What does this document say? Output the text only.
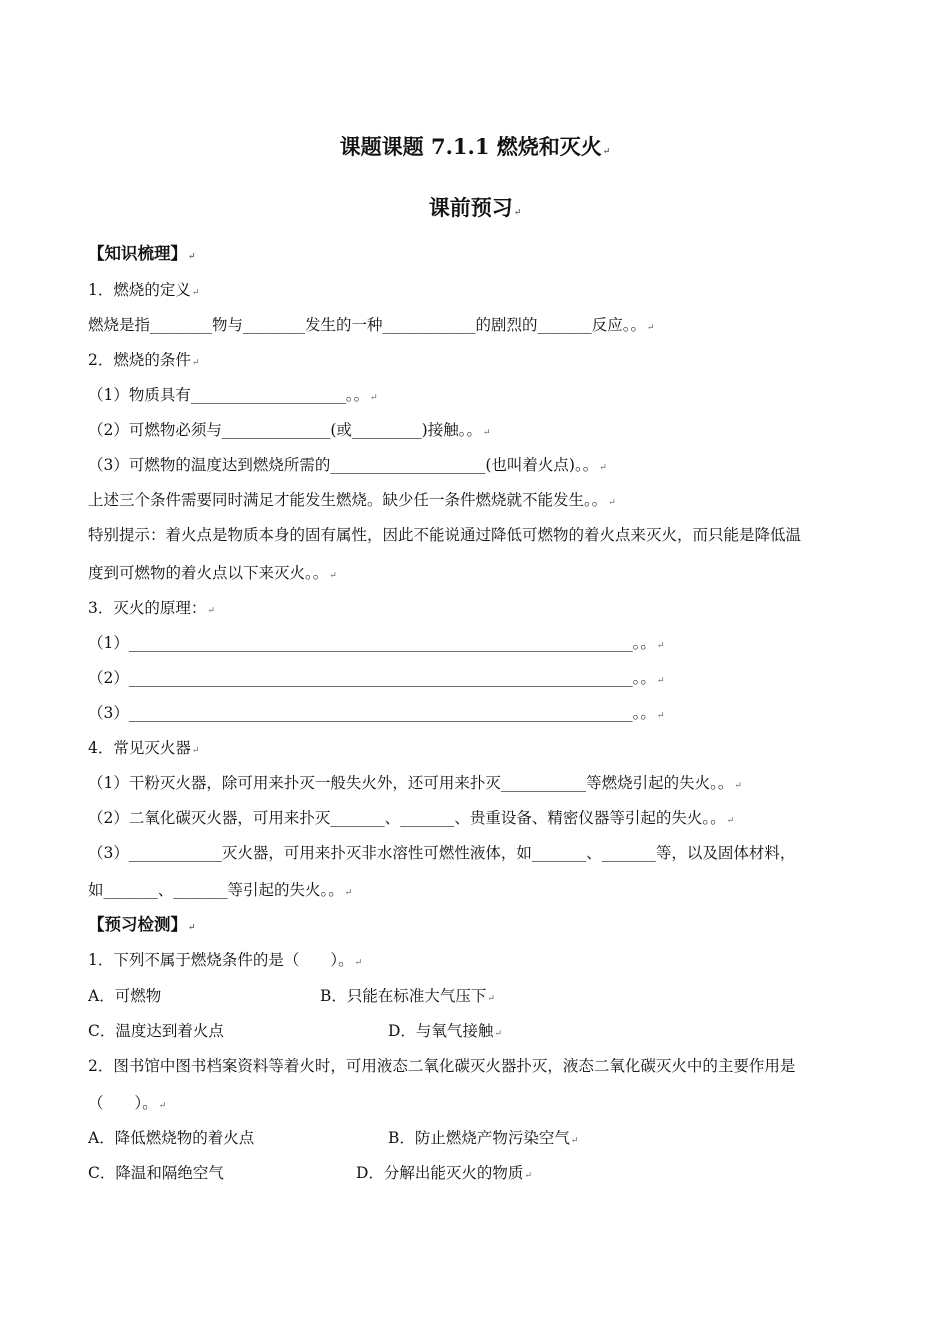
课题课题 7.1.1 燃烧和灭火↵
课前预习↵
【知识梳理】↵
1．燃烧的定义↵
燃烧是指________物与________发生的一种____________的剧烈的_______反应。。↵
2．燃烧的条件↵
（1）物质具有____________________。。↵
（2）可燃物必须与______________(或_________)接触。。↵
（3）可燃物的温度达到燃烧所需的____________________(也叫着火点)。。↵
上述三个条件需要同时满足才能发生燃烧。缺少任一条件燃烧就不能发生。。↵
特别提示：着火点是物质本身的固有属性，因此不能说通过降低可燃物的着火点来灭火，而只能是降低温
度到可燃物的着火点以下来灭火。。↵
3．灭火的原理：↵
（1）_________________________________________________________________。。↵
（2）_________________________________________________________________。。↵
（3）_________________________________________________________________。。↵
4．常见灭火器↵
（1）干粉灭火器，除可用来扑灭一般失火外，还可用来扑灭___________等燃烧引起的失火。。↵
（2）二氧化碳灭火器，可用来扑灭_______、_______、贵重设备、精密仪器等引起的失火。。↵
（3）____________灭火器，可用来扑灭非水溶性可燃性液体，如_______、_______等，以及固体材料，
如_______、_______等引起的失火。。↵
【预习检测】↵
1．下列不属于燃烧条件的是（　　）。↵
A．可燃物	B．只能在标准大气压下↵
C．温度达到着火点	D．与氧气接触↵
2．图书馆中图书档案资料等着火时，可用液态二氧化碳灭火器扑灭，液态二氧化碳灭火中的主要作用是
（　　）。↵
A．降低燃烧物的着火点	B．防止燃烧产物污染空气↵
C．降温和隔绝空气	D．分解出能灭火的物质↵
